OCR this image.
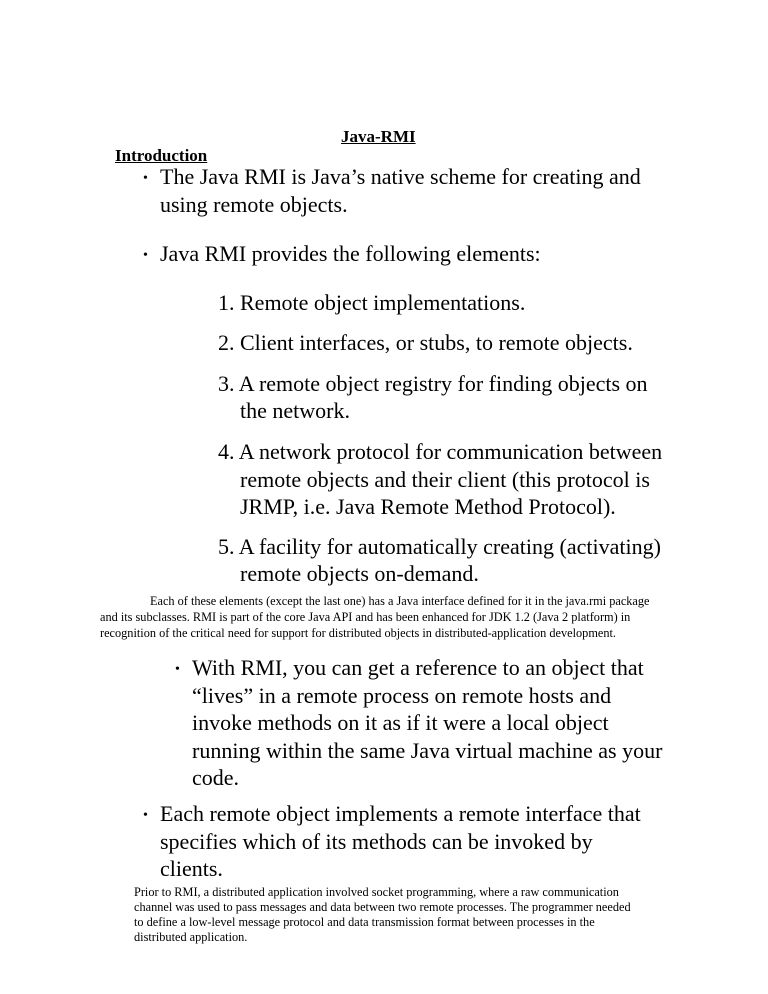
Java-RMI
Introduction
• The Java RMI is Java’s native scheme for creating and
using remote objects.
• Java RMI provides the following elements:
1. Remote object implementations.
2. Client interfaces, or stubs, to remote objects.
3. A remote object registry for finding objects on
the network.
4. A network protocol for communication between
remote objects and their client (this protocol is
JRMP, i.e. Java Remote Method Protocol).
5. A facility for automatically creating (activating)
remote objects on-demand.
Each of these elements (except the last one) has a Java interface defined for it in the java.rmi package
and its subclasses. RMI is part of the core Java API and has been enhanced for JDK 1.2 (Java 2 platform) in
recognition of the critical need for support for distributed objects in distributed-application development.
• With RMI, you can get a reference to an object that
“lives” in a remote process on remote hosts and
invoke methods on it as if it were a local object
running within the same Java virtual machine as your
code.
• Each remote object implements a remote interface that
specifies which of its methods can be invoked by
clients.
Prior to RMI, a distributed application involved socket programming, where a raw communication
channel was used to pass messages and data between two remote processes. The programmer needed
to define a low-level message protocol and data transmission format between processes in the
distributed application.
